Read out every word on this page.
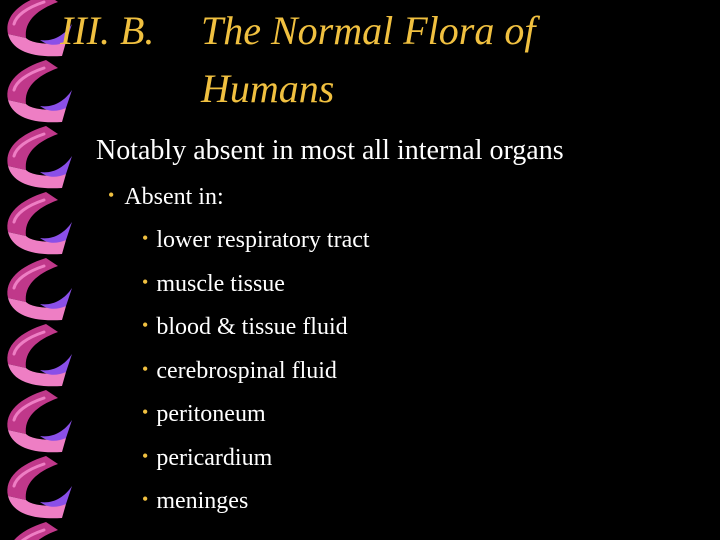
III. B. The Normal Flora of
Humans
Notably absent in most all internal organs
• Absent in:
• lower respiratory tract
• muscle tissue
• blood & tissue fluid
• cerebrospinal fluid
• peritoneum
• pericardium
• meninges
